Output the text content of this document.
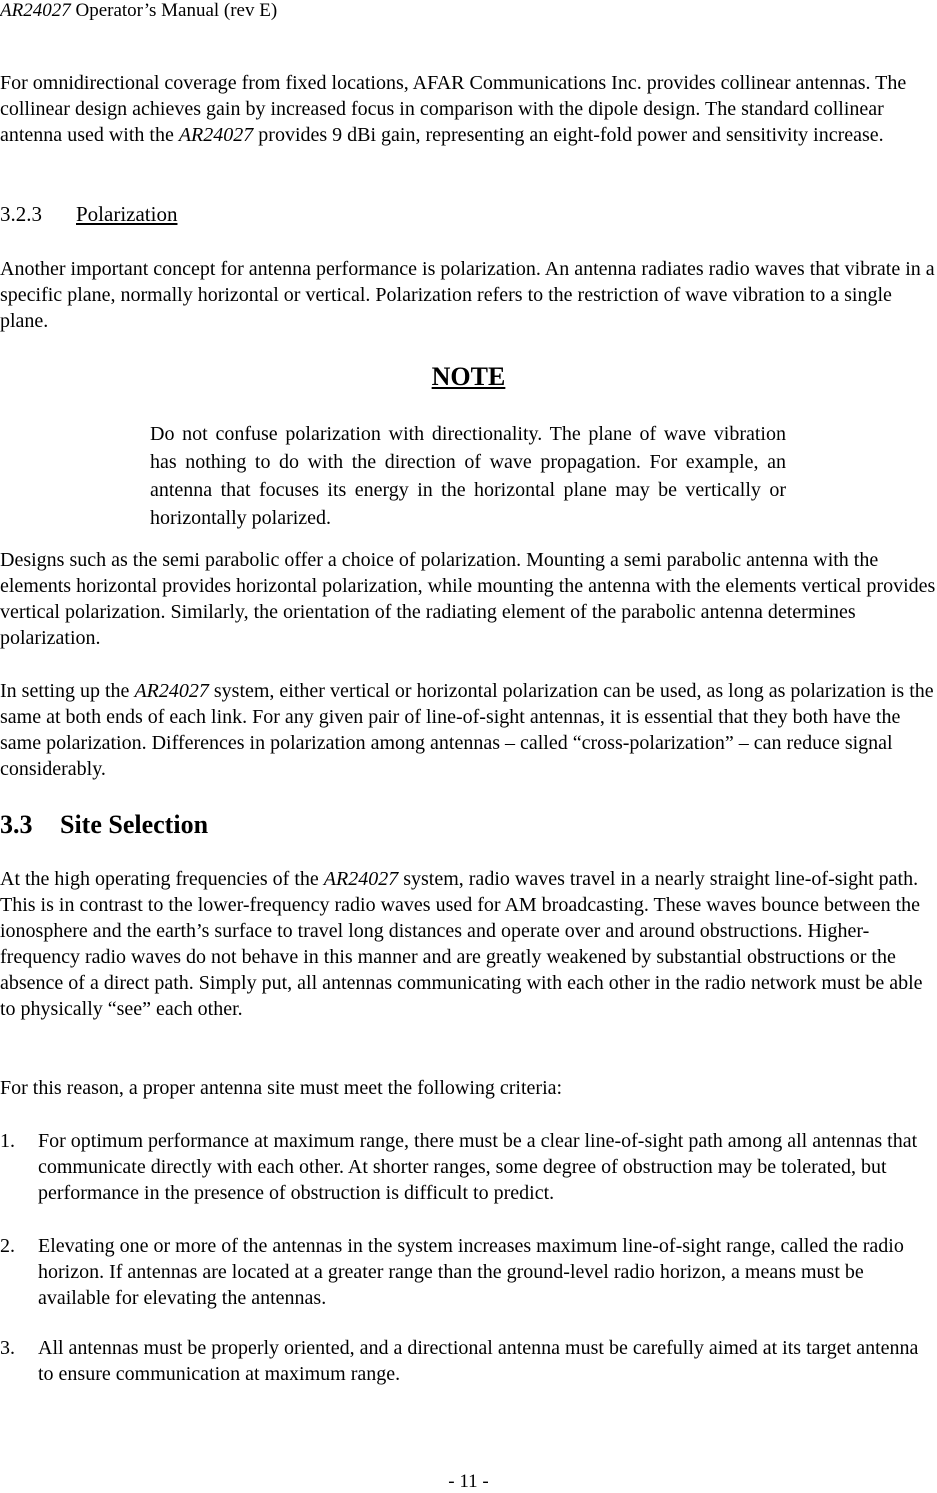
AR24027 Operator’s Manual (rev E)

For omnidirectional coverage from fixed locations, AFAR Communications Inc. provides collinear antennas. The collinear design achieves gain by increased focus in comparison with the dipole design. The standard collinear antenna used with the AR24027 provides 9 dBi gain, representing an eight-fold power and sensitivity increase.

3.2.3 Polarization

Another important concept for antenna performance is polarization. An antenna radiates radio waves that vibrate in a specific plane, normally horizontal or vertical. Polarization refers to the restriction of wave vibration to a single plane.

NOTE
Do not confuse polarization with directionality. The plane of wave vibration has nothing to do with the direction of wave propagation. For example, an antenna that focuses its energy in the horizontal plane may be vertically or horizontally polarized.

Designs such as the semi parabolic offer a choice of polarization. Mounting a semi parabolic antenna with the elements horizontal provides horizontal polarization, while mounting the antenna with the elements vertical provides vertical polarization. Similarly, the orientation of the radiating element of the parabolic antenna determines polarization.

In setting up the AR24027 system, either vertical or horizontal polarization can be used, as long as polarization is the same at both ends of each link. For any given pair of line-of-sight antennas, it is essential that they both have the same polarization. Differences in polarization among antennas – called “cross-polarization” – can reduce signal considerably.

3.3 Site Selection

At the high operating frequencies of the AR24027 system, radio waves travel in a nearly straight line-of-sight path. This is in contrast to the lower-frequency radio waves used for AM broadcasting. These waves bounce between the ionosphere and the earth’s surface to travel long distances and operate over and around obstructions. Higher-frequency radio waves do not behave in this manner and are greatly weakened by substantial obstructions or the absence of a direct path. Simply put, all antennas communicating with each other in the radio network must be able to physically “see” each other.

For this reason, a proper antenna site must meet the following criteria:

1. For optimum performance at maximum range, there must be a clear line-of-sight path among all antennas that communicate directly with each other. At shorter ranges, some degree of obstruction may be tolerated, but performance in the presence of obstruction is difficult to predict.
2. Elevating one or more of the antennas in the system increases maximum line-of-sight range, called the radio horizon. If antennas are located at a greater range than the ground-level radio horizon, a means must be available for elevating the antennas.
3. All antennas must be properly oriented, and a directional antenna must be carefully aimed at its target antenna to ensure communication at maximum range.
- 11 -
